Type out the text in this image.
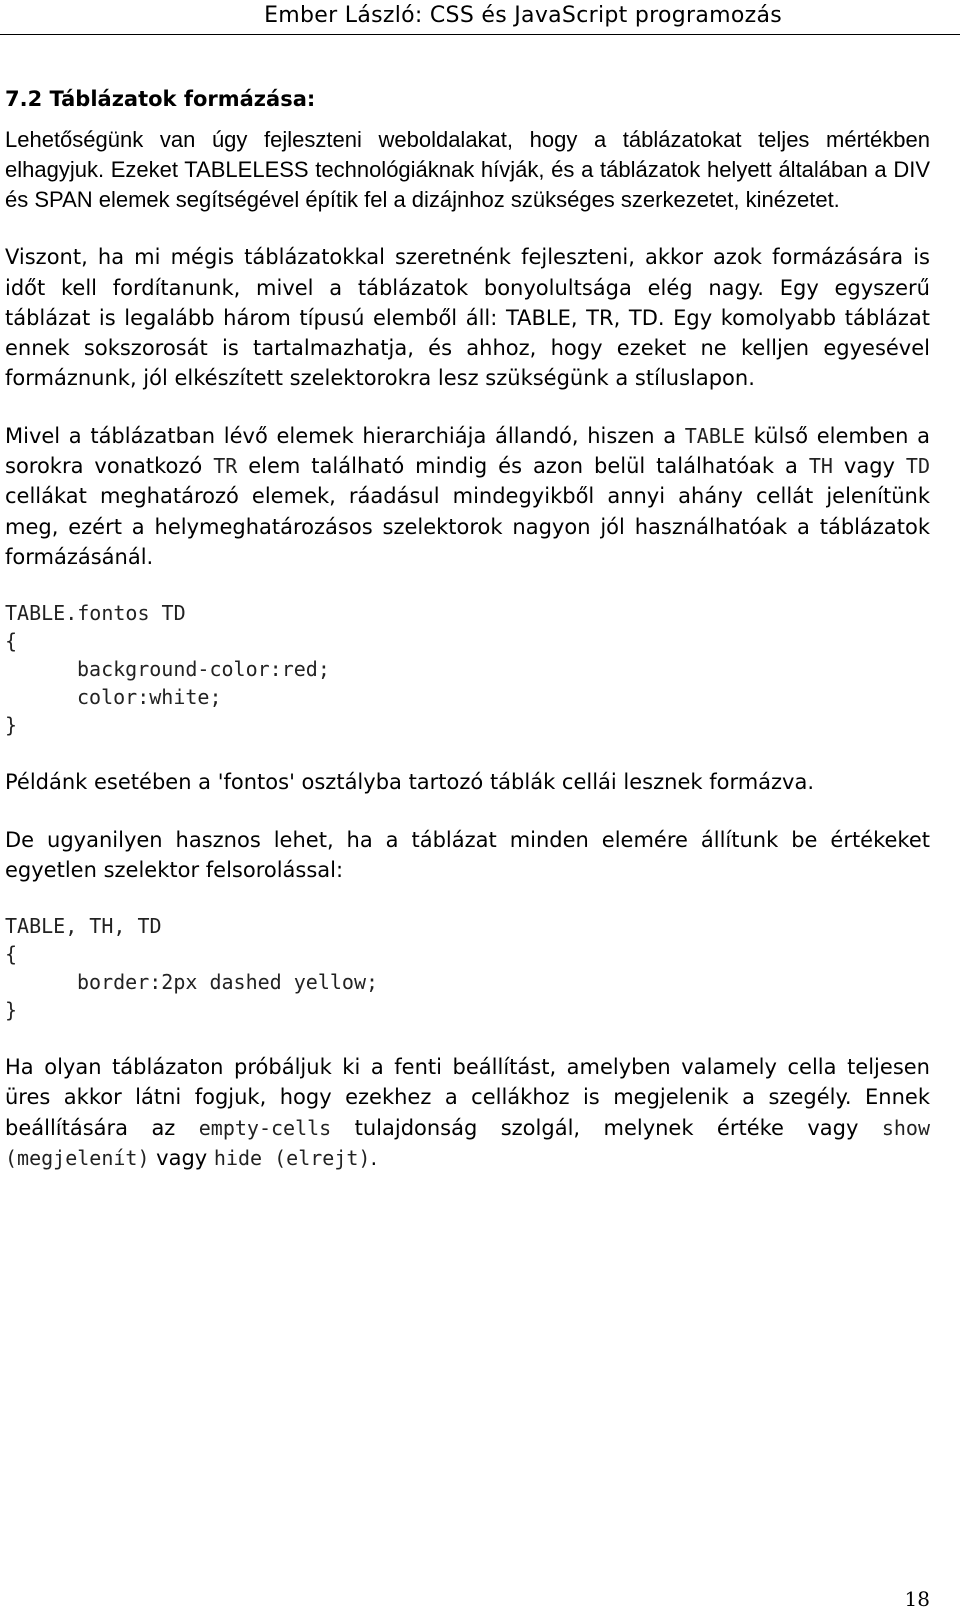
Ember László: CSS és JavaScript programozás
7.2 Táblázatok formázása:
Lehetőségünk van úgy fejleszteni weboldalakat, hogy a táblázatokat teljes mértékben elhagyjuk. Ezeket TABLELESS technológiáknak hívják, és a táblázatok helyett általában a DIV és SPAN elemek segítségével építik fel a dizájnhoz szükséges szerkezetet, kinézetet.
Viszont, ha mi mégis táblázatokkal szeretnénk fejleszteni, akkor azok formázására is időt kell fordítanunk, mivel a táblázatok bonyolultsága elég nagy. Egy egyszerű táblázat is legalább három típusú elemből áll: TABLE, TR, TD. Egy komolyabb táblázat ennek sokszorosát is tartalmazhatja, és ahhoz, hogy ezeket ne kelljen egyesével formáznunk, jól elkészített szelektorokra lesz szükségünk a stíluslapon.
Mivel a táblázatban lévő elemek hierarchiája állandó, hiszen a TABLE külső elemben a sorokra vonatkozó TR elem található mindig és azon belül találhatóak a TH vagy TD cellákat meghatározó elemek, ráadásul mindegyikből annyi ahány cellát jelenítünk meg, ezért a helymeghatározásos szelektorok nagyon jól használhatóak a táblázatok formázásánál.
TABLE.fontos TD
{
background-color:red;
color:white;
}
Példánk esetében a 'fontos' osztályba tartozó táblák cellái lesznek formázva.
De ugyanilyen hasznos lehet, ha a táblázat minden elemére állítunk be értékeket egyetlen szelektor felsorolással:
TABLE, TH, TD
{
border:2px dashed yellow;
}
Ha olyan táblázaton próbáljuk ki a fenti beállítást, amelyben valamely cella teljesen üres akkor látni fogjuk, hogy ezekhez a cellákhoz is megjelenik a szegély. Ennek beállítására az empty-cells tulajdonság szolgál, melynek értéke vagy show (megjelenít) vagy hide (elrejt).
18
